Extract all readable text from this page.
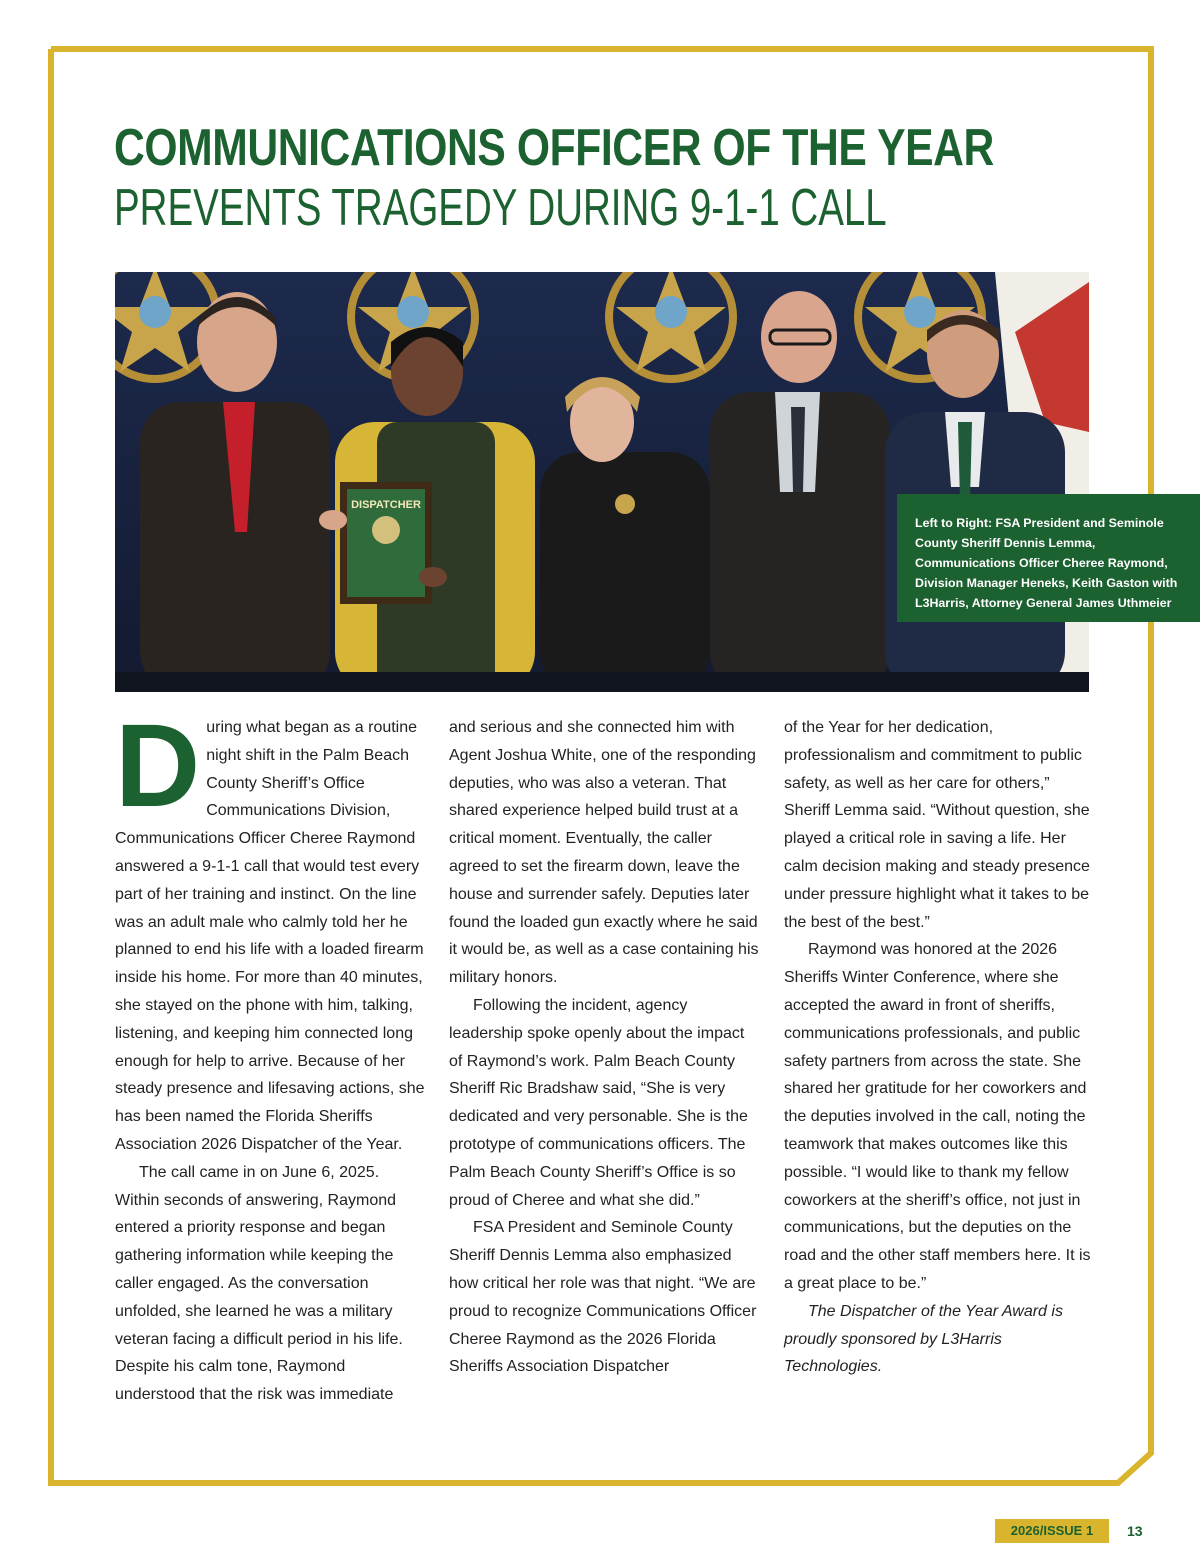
COMMUNICATIONS OFFICER OF THE YEAR
PREVENTS TRAGEDY DURING 9-1-1 CALL
DISPATCHER
Left to Right: FSA President and Seminole County Sheriff Dennis Lemma, Communications Officer Cheree Raymond, Division Manager Heneks, Keith Gaston with L3Harris, Attorney General James Uthmeier
D uring what began as a routine night shift in the Palm Beach County Sheriff’s Office Communications Division, Communications Officer Cheree Raymond answered a 9-1-1 call that would test every part of her training and instinct. On the line was an adult male who calmly told her he planned to end his life with a loaded firearm inside his home. For more than 40 minutes, she stayed on the phone with him, talking, listening, and keeping him connected long enough for help to arrive. Because of her steady presence and lifesaving actions, she has been named the Florida Sheriffs Association 2026 Dispatcher of the Year.

The call came in on June 6, 2025. Within seconds of answering, Raymond entered a priority response and began gathering information while keeping the caller engaged. As the conversation unfolded, she learned he was a military veteran facing a difficult period in his life. Despite his calm tone, Raymond understood that the risk was immediate

and serious and she connected him with Agent Joshua White, one of the responding deputies, who was also a veteran. That shared experience helped build trust at a critical moment. Eventually, the caller agreed to set the firearm down, leave the house and surrender safely. Deputies later found the loaded gun exactly where he said it would be, as well as a case containing his military honors.

Following the incident, agency leadership spoke openly about the impact of Raymond’s work. Palm Beach County Sheriff Ric Bradshaw said, “She is very dedicated and very personable. She is the prototype of communications officers. The Palm Beach County Sheriff’s Office is so proud of Cheree and what she did.”

FSA President and Seminole County Sheriff Dennis Lemma also emphasized how critical her role was that night. “We are proud to recognize Communications Officer Cheree Raymond as the 2026 Florida Sheriffs Association Dispatcher

of the Year for her dedication, professionalism and commitment to public safety, as well as her care for others,” Sheriff Lemma said. “Without question, she played a critical role in saving a life. Her calm decision making and steady presence under pressure highlight what it takes to be the best of the best.”

Raymond was honored at the 2026 Sheriffs Winter Conference, where she accepted the award in front of sheriffs, communications professionals, and public safety partners from across the state. She shared her gratitude for her coworkers and the deputies involved in the call, noting the teamwork that makes outcomes like this possible. “I would like to thank my fellow coworkers at the sheriff’s office, not just in communications, but the deputies on the road and the other staff members here. It is a great place to be.”

The Dispatcher of the Year Award is proudly sponsored by L3Harris Technologies.

2026/ISSUE 1	13
